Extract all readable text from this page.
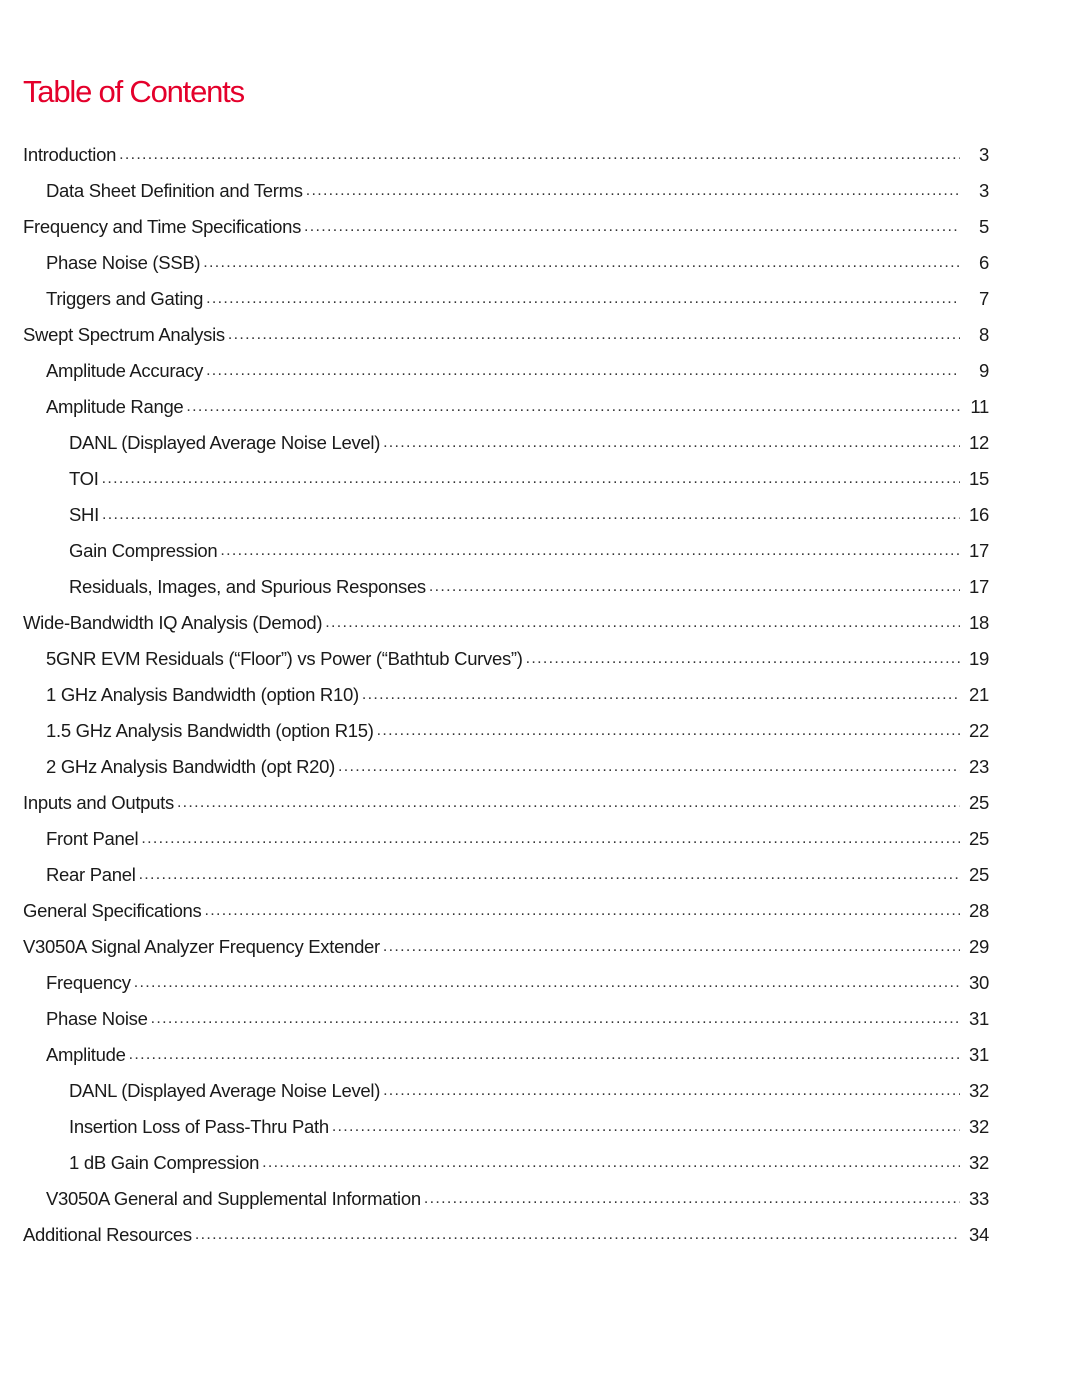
Table of Contents
Introduction .....	3
Data Sheet Definition and Terms .....	3
Frequency and Time Specifications .....	5
Phase Noise (SSB) .....	6
Triggers and Gating .....	7
Swept Spectrum Analysis .....	8
Amplitude Accuracy .....	9
Amplitude Range .....	11
DANL (Displayed Average Noise Level) .....	12
TOI .....	15
SHI .....	16
Gain Compression .....	17
Residuals, Images, and Spurious Responses .....	17
Wide-Bandwidth IQ Analysis (Demod) .....	18
5GNR EVM Residuals (“Floor”) vs Power (“Bathtub Curves”) .....	19
1 GHz Analysis Bandwidth (option R10) .....	21
1.5 GHz Analysis Bandwidth (option R15) .....	22
2 GHz Analysis Bandwidth (opt R20) .....	23
Inputs and Outputs .....	25
Front Panel .....	25
Rear Panel .....	25
General Specifications .....	28
V3050A Signal Analyzer Frequency Extender .....	29
Frequency .....	30
Phase Noise .....	31
Amplitude .....	31
DANL (Displayed Average Noise Level) .....	32
Insertion Loss of Pass-Thru Path .....	32
1 dB Gain Compression .....	32
V3050A General and Supplemental Information .....	33
Additional Resources .....	34
